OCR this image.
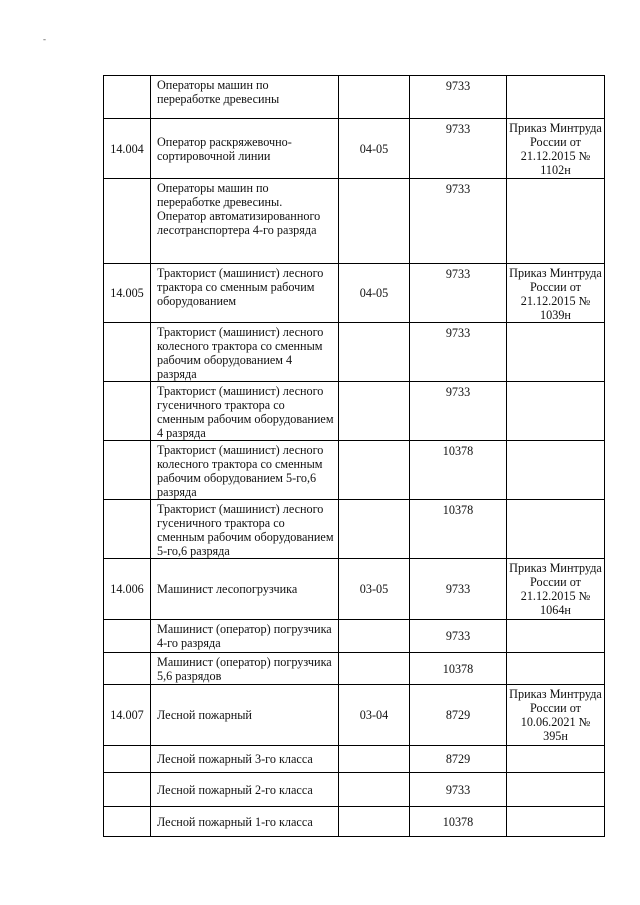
-
	Операторы машин по переработке древесины		9733	
14.004	Оператор раскряжевочно-сортировочной линии	04-05	9733	Приказ Минтруда России от 21.12.2015 № 1102н
	Операторы машин по переработке древесины. Оператор автоматизированного лесотранспортера 4-го разряда		9733	
14.005	Тракторист (машинист) лесного трактора со сменным рабочим оборудованием	04-05	9733	Приказ Минтруда России от 21.12.2015 № 1039н
	Тракторист (машинист) лесного колесного трактора со сменным рабочим оборудованием 4 разряда		9733	
	Тракторист (машинист) лесного гусеничного трактора со сменным рабочим оборудованием 4 разряда		9733	
	Тракторист (машинист) лесного колесного трактора со сменным рабочим оборудованием 5-го,6 разряда		10378	
	Тракторист (машинист) лесного гусеничного трактора со сменным рабочим оборудованием 5-го,6 разряда		10378	
14.006	Машинист лесопогрузчика	03-05	9733	Приказ Минтруда России от 21.12.2015 № 1064н
	Машинист (оператор) погрузчика 4-го разряда		9733	
	Машинист (оператор) погрузчика 5,6 разрядов		10378	
14.007	Лесной пожарный	03-04	8729	Приказ Минтруда России от 10.06.2021 № 395н
	Лесной пожарный 3-го класса		8729	
	Лесной пожарный 2-го класса		9733	
	Лесной пожарный 1-го класса		10378	
